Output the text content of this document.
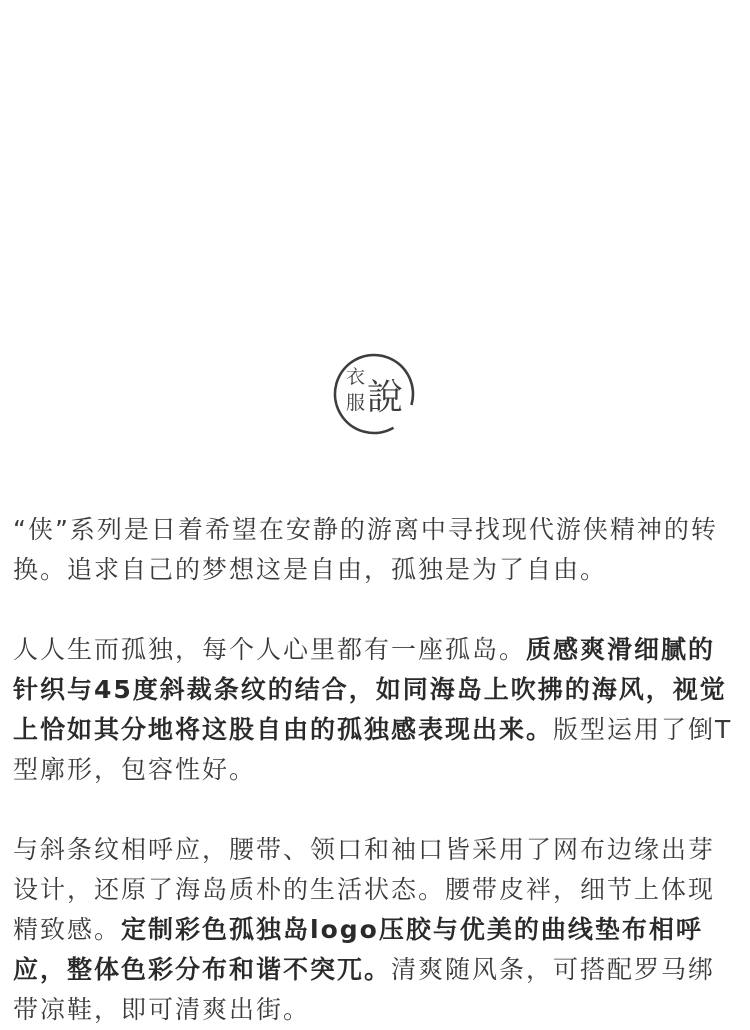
衣
服 說

“侠”系列是日着希望在安静的游离中寻找现代游侠精神的转换。追求自己的梦想这是自由，孤独是为了自由。

人人生而孤独，每个人心里都有一座孤岛。质感爽滑细腻的针织与45度斜裁条纹的结合，如同海岛上吹拂的海风，视觉上恰如其分地将这股自由的孤独感表现出来。版型运用了倒T型廓形，包容性好。

与斜条纹相呼应，腰带、领口和袖口皆采用了网布边缘出芽设计，还原了海岛质朴的生活状态。腰带皮袢，细节上体现精致感。定制彩色孤独岛logo压胶与优美的曲线垫布相呼应，整体色彩分布和谐不突兀。清爽随风条，可搭配罗马绑带凉鞋，即可清爽出街。
